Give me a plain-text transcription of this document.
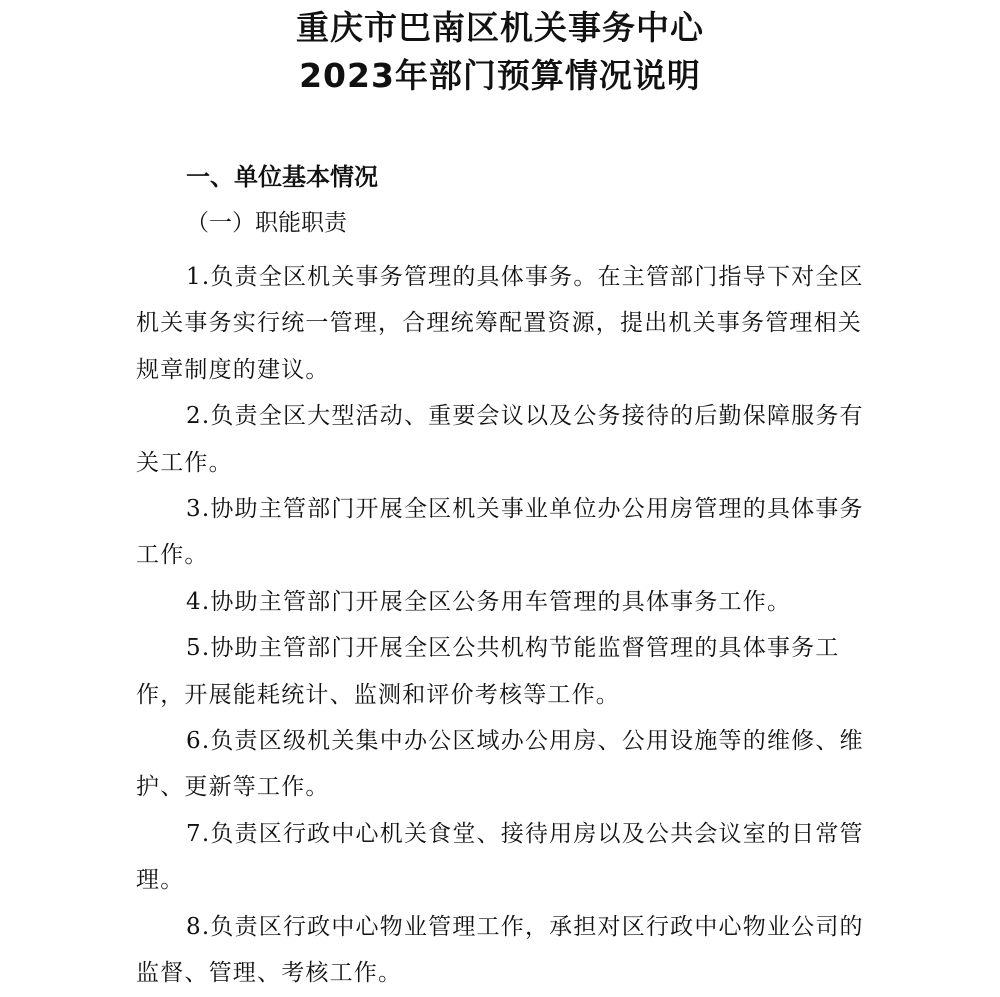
重庆市巴南区机关事务中心
2023年部门预算情况说明
一、单位基本情况
（一）职能职责

1.负责全区机关事务管理的具体事务。在主管部门指导下对全区机关事务实行统一管理，合理统筹配置资源，提出机关事务管理相关规章制度的建议。

2.负责全区大型活动、重要会议以及公务接待的后勤保障服务有关工作。

3.协助主管部门开展全区机关事业单位办公用房管理的具体事务工作。

4.协助主管部门开展全区公务用车管理的具体事务工作。

5.协助主管部门开展全区公共机构节能监督管理的具体事务工作，开展能耗统计、监测和评价考核等工作。

6.负责区级机关集中办公区域办公用房、公用设施等的维修、维护、更新等工作。

7.负责区行政中心机关食堂、接待用房以及公共会议室的日常管理。

8.负责区行政中心物业管理工作，承担对区行政中心物业公司的监督、管理、考核工作。
